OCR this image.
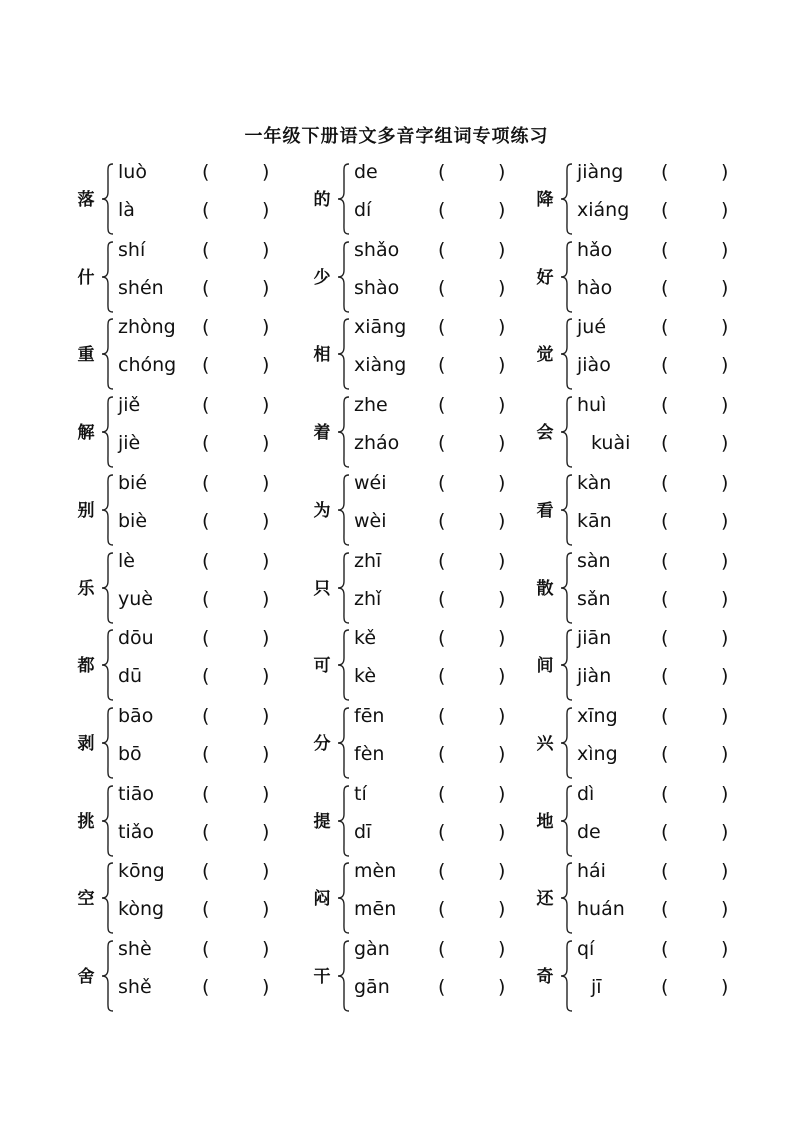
一年级下册语文多音字组词专项练习
落
luò	(	)
là	(	)
什
shí	(	)
shén (	)
重
zhòng (	)
chóng (	)
解
jiě	(	)
jiè	(	)
别
bié	(	)
biè	(	)
乐
lè	(	)
yuè	(	)
都
dōu	(	)
dū	(	)
剥
bāo	(	)
bō	(	)
挑
tiāo	(	)
tiǎo	(	)
空
kōng (	)
kòng (	)
舍
shè	(	)
shě	(	)
的
de	(	)
dí	(	)
少
shǎo (	)
shào (	)
相
xiāng (	)
xiàng (	)
着
zhe	(	)
zháo (	)
为
wéi	(	)
wèi	(	)
只
zhī	(	)
zhǐ	(	)
可
kě	(	)
kè	(	)
分
fēn	(	)
fèn	(	)
提
tí	(	)
dī	(	)
闷
mèn (	)
mēn (	)
干
gàn	(	)
gān	(	)
降
jiàng (	)
xiáng (	)
好
hǎo	(	)
hào	(	)
觉
jué	(	)
jiào	(	)
会
huì	(	)
kuài (	)
看
kàn	(	)
kān	(	)
散
sàn	(	)
sǎn	(	)
间
jiān	(	)
jiàn	(	)
兴
xīng (	)
xìng (	)
地
dì	(	)
de	(	)
还
hái	(	)
huán (	)
奇
qí	(	)
jī	(	)
